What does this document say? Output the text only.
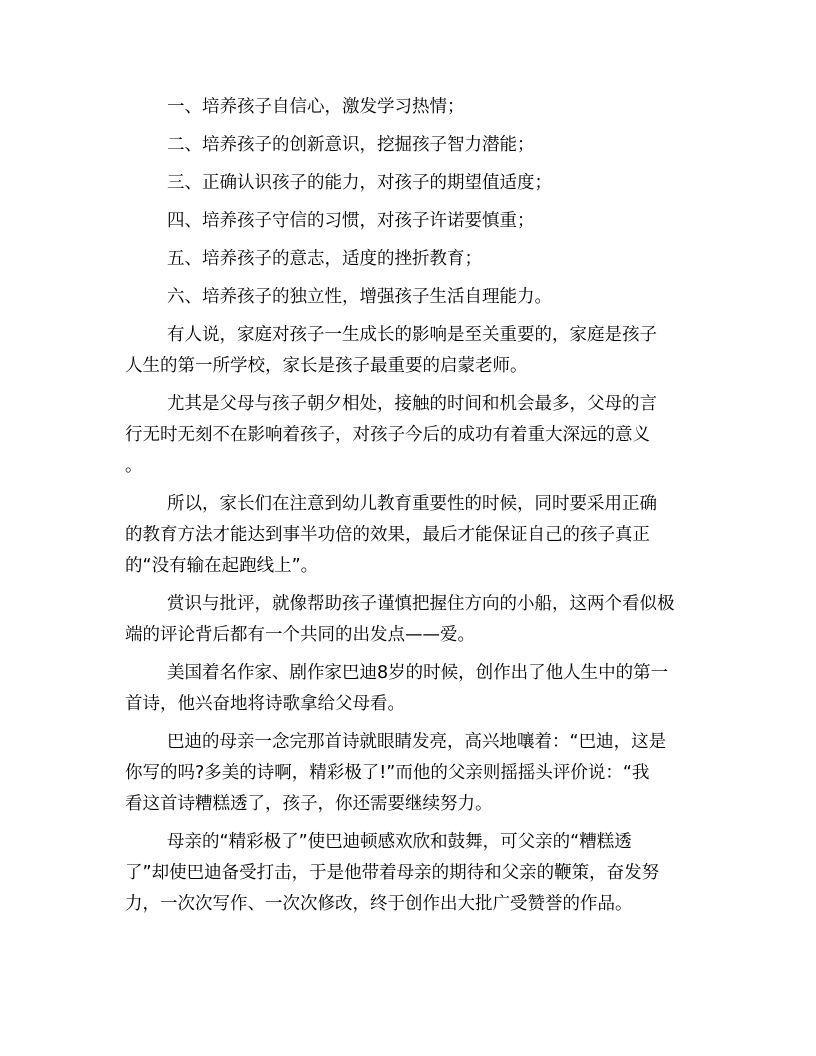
一、培养孩子自信心，激发学习热情；
二、培养孩子的创新意识，挖掘孩子智力潜能；
三、正确认识孩子的能力，对孩子的期望值适度；
四、培养孩子守信的习惯，对孩子许诺要慎重；
五、培养孩子的意志，适度的挫折教育；
六、培养孩子的独立性，增强孩子生活自理能力。
有人说，家庭对孩子一生成长的影响是至关重要的，家庭是孩子
人生的第一所学校，家长是孩子最重要的启蒙老师。
尤其是父母与孩子朝夕相处，接触的时间和机会最多，父母的言
行无时无刻不在影响着孩子，对孩子今后的成功有着重大深远的意义
。
所以，家长们在注意到幼儿教育重要性的时候，同时要采用正确
的教育方法才能达到事半功倍的效果，最后才能保证自己的孩子真正
的“没有输在起跑线上”。
赏识与批评，就像帮助孩子谨慎把握住方向的小船，这两个看似极
端的评论背后都有一个共同的出发点——爱。
美国着名作家、剧作家巴迪8岁的时候，创作出了他人生中的第一
首诗，他兴奋地将诗歌拿给父母看。
巴迪的母亲一念完那首诗就眼睛发亮，高兴地嚷着：“巴迪，这是
你写的吗?多美的诗啊，精彩极了!”而他的父亲则摇摇头评价说：“我
看这首诗糟糕透了，孩子，你还需要继续努力。
母亲的“精彩极了”使巴迪顿感欢欣和鼓舞，可父亲的“糟糕透
了”却使巴迪备受打击，于是他带着母亲的期待和父亲的鞭策，奋发努
力，一次次写作、一次次修改，终于创作出大批广受赞誉的作品。
